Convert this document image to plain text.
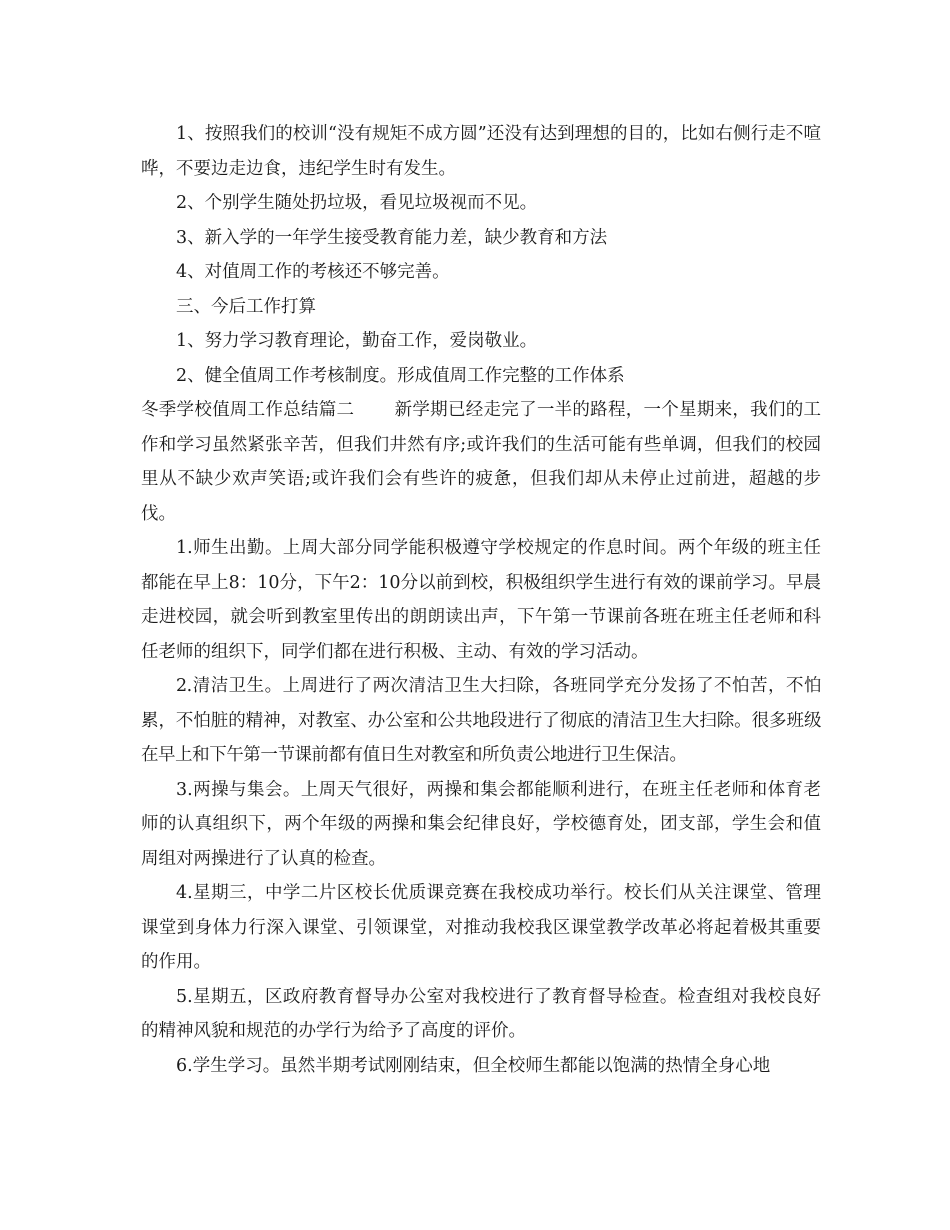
1、按照我们的校训“没有规矩不成方圆”还没有达到理想的目的，比如右侧行走不喧哗，不要边走边食，违纪学生时有发生。

2、个别学生随处扔垃圾，看见垃圾视而不见。

3、新入学的一年学生接受教育能力差，缺少教育和方法

4、对值周工作的考核还不够完善。

三、今后工作打算

1、努力学习教育理论，勤奋工作，爱岗敬业。

2、健全值周工作考核制度。形成值周工作完整的工作体系

冬季学校值周工作总结篇二 新学期已经走完了一半的路程，一个星期来，我们的工作和学习虽然紧张辛苦，但我们井然有序;或许我们的生活可能有些单调，但我们的校园里从不缺少欢声笑语;或许我们会有些许的疲惫，但我们却从未停止过前进，超越的步伐。

1.师生出勤。上周大部分同学能积极遵守学校规定的作息时间。两个年级的班主任都能在早上8：10分，下午2：10分以前到校，积极组织学生进行有效的课前学习。早晨走进校园，就会听到教室里传出的朗朗读出声，下午第一节课前各班在班主任老师和科任老师的组织下，同学们都在进行积极、主动、有效的学习活动。

2.清洁卫生。上周进行了两次清洁卫生大扫除，各班同学充分发扬了不怕苦，不怕累，不怕脏的精神，对教室、办公室和公共地段进行了彻底的清洁卫生大扫除。很多班级在早上和下午第一节课前都有值日生对教室和所负责公地进行卫生保洁。

3.两操与集会。上周天气很好，两操和集会都能顺利进行，在班主任老师和体育老师的认真组织下，两个年级的两操和集会纪律良好，学校德育处，团支部，学生会和值周组对两操进行了认真的检查。

4.星期三，中学二片区校长优质课竞赛在我校成功举行。校长们从关注课堂、管理课堂到身体力行深入课堂、引领课堂，对推动我校我区课堂教学改革必将起着极其重要的作用。

5.星期五，区政府教育督导办公室对我校进行了教育督导检查。检查组对我校良好的精神风貌和规范的办学行为给予了高度的评价。

6.学生学习。虽然半期考试刚刚结束，但全校师生都能以饱满的热情全身心地
